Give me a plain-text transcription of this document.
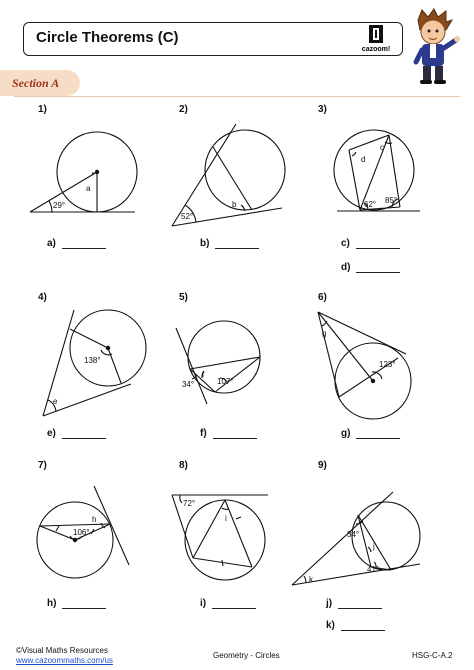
Circle Theorems (C)
cazoom!
Section A
1)	2)	3)
4)	5)	6)
7)	8)	9)
a
29°
52°
b
d
c
62° 85°
138°
e
f
107°
34°
g
123°
h
106°
72°
i
34°
j
41°
k
a)	b)	c)
d)
e)	f)	g)
h)	i)	j)
k)
©Visual Maths Resources
www.cazoommaths.com/us
Geometry - Circles	HSG-C-A.2
